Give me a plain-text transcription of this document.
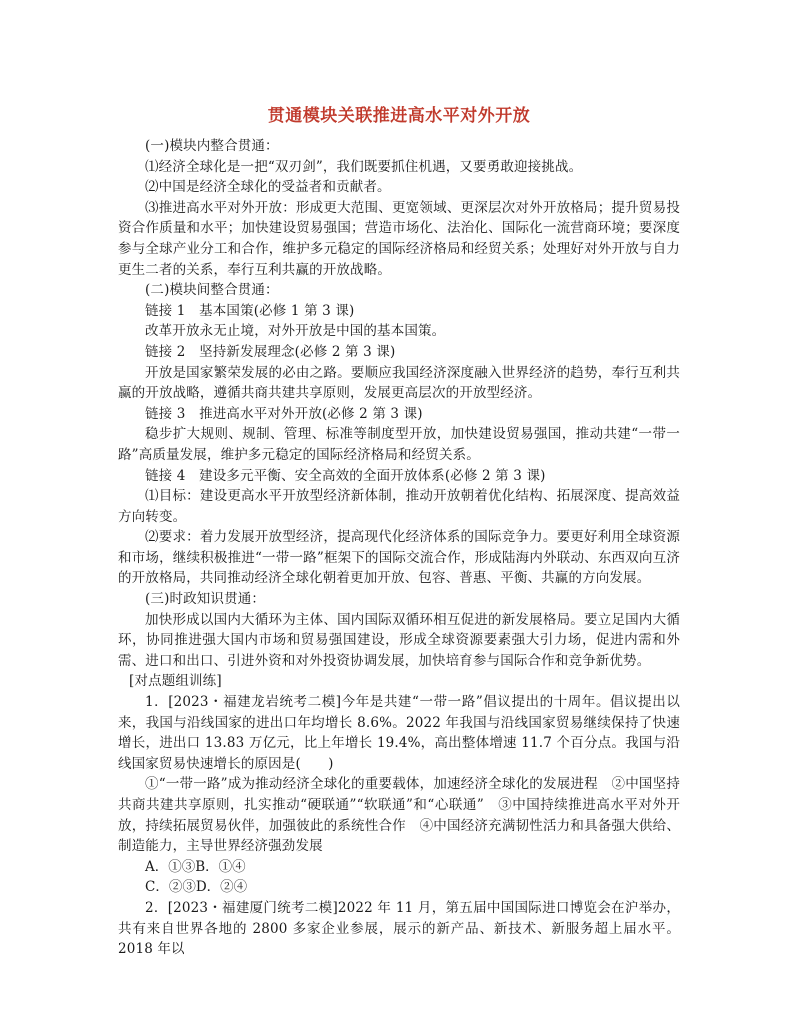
贯通模块关联推进高水平对外开放

(一)模块内整合贯通：

⑴经济全球化是一把“双刃剑”，我们既要抓住机遇，又要勇敢迎接挑战。

⑵中国是经济全球化的受益者和贡献者。

⑶推进高水平对外开放：形成更大范围、更宽领域、更深层次对外开放格局；提升贸易投资合作质量和水平；加快建设贸易强国；营造市场化、法治化、国际化一流营商环境；要深度参与全球产业分工和合作，维护多元稳定的国际经济格局和经贸关系；处理好对外开放与自力更生二者的关系，奉行互利共赢的开放战略。

(二)模块间整合贯通：

链接 1　基本国策(必修 1 第 3 课)

改革开放永无止境，对外开放是中国的基本国策。

链接 2　坚持新发展理念(必修 2 第 3 课)

开放是国家繁荣发展的必由之路。要顺应我国经济深度融入世界经济的趋势，奉行互利共赢的开放战略，遵循共商共建共享原则，发展更高层次的开放型经济。

链接 3　推进高水平对外开放(必修 2 第 3 课)

稳步扩大规则、规制、管理、标准等制度型开放，加快建设贸易强国，推动共建“一带一路”高质量发展，维护多元稳定的国际经济格局和经贸关系。

链接 4　建设多元平衡、安全高效的全面开放体系(必修 2 第 3 课)

⑴目标：建设更高水平开放型经济新体制，推动开放朝着优化结构、拓展深度、提高效益方向转变。

⑵要求：着力发展开放型经济，提高现代化经济体系的国际竞争力。要更好利用全球资源和市场，继续积极推进“一带一路”框架下的国际交流合作，形成陆海内外联动、东西双向互济的开放格局，共同推动经济全球化朝着更加开放、包容、普惠、平衡、共赢的方向发展。

(三)时政知识贯通：

加快形成以国内大循环为主体、国内国际双循环相互促进的新发展格局。要立足国内大循环，协同推进强大国内市场和贸易强国建设，形成全球资源要素强大引力场，促进内需和外需、进口和出口、引进外资和对外投资协调发展，加快培育参与国际合作和竞争新优势。

[对点题组训练]

1．[2023・福建龙岩统考二模]今年是共建“一带一路”倡议提出的十周年。倡议提出以来，我国与沿线国家的进出口年均增长 8.6%。2022 年我国与沿线国家贸易继续保持了快速增长，进出口 13.83 万亿元，比上年增长 19.4%，高出整体增速 11.7 个百分点。我国与沿线国家贸易快速增长的原因是(　　)

①“一带一路”成为推动经济全球化的重要载体，加速经济全球化的发展进程　②中国坚持共商共建共享原则，扎实推动“硬联通”“软联通”和“心联通”　③中国持续推进高水平对外开放，持续拓展贸易伙伴，加强彼此的系统性合作　④中国经济充满韧性活力和具备强大供给、制造能力，主导世界经济强劲发展

A．①③B．①④

C．②③D．②④

2．[2023・福建厦门统考二模]2022 年 11 月，第五届中国国际进口博览会在沪举办，共有来自世界各地的 2800 多家企业参展，展示的新产品、新技术、新服务超上届水平。2018 年以
